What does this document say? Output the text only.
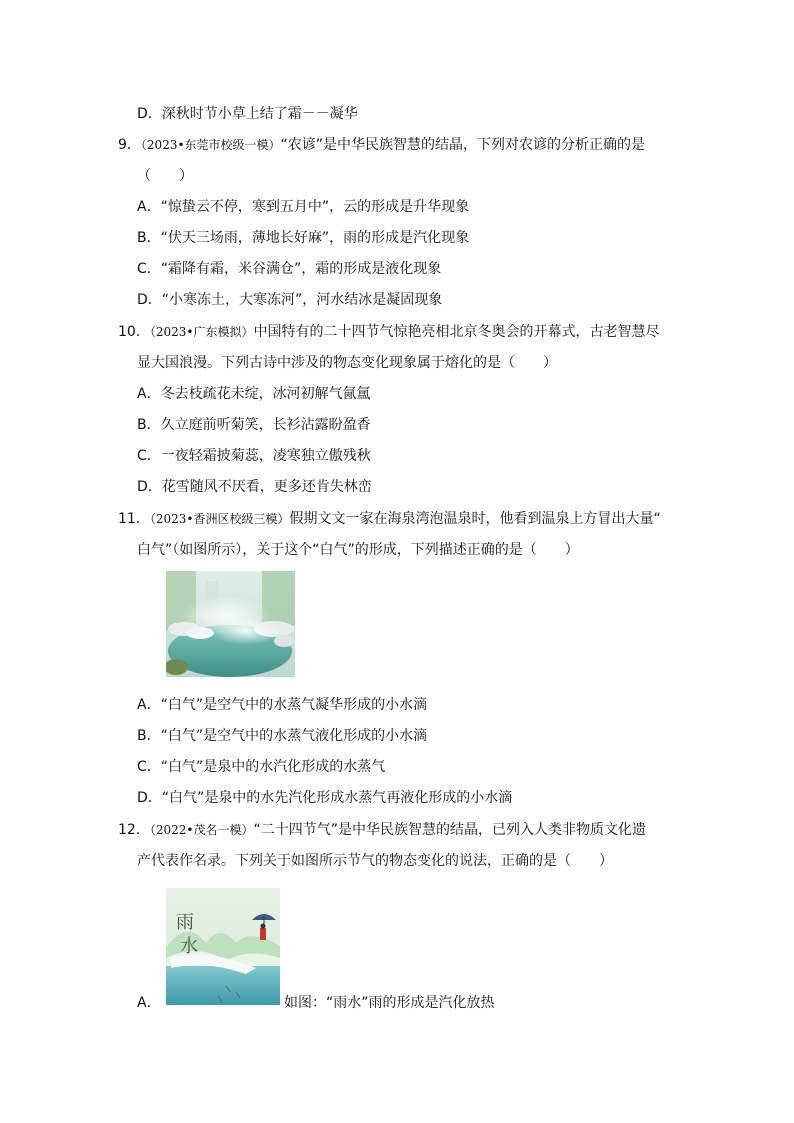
D．深秋时节小草上结了霜－－凝华
9．（2023•东莞市校级一模）“农谚”是中华民族智慧的结晶，下列对农谚的分析正确的是
（　　）
A．“惊蛰云不停，寒到五月中”，云的形成是升华现象
B．“伏天三场雨，薄地长好麻”，雨的形成是汽化现象
C．“霜降有霜，米谷满仓”，霜的形成是液化现象
D．“小寒冻土，大寒冻河”，河水结冰是凝固现象
10．（2023•广东模拟）中国特有的二十四节气惊艳亮相北京冬奥会的开幕式，古老智慧尽
显大国浪漫。下列古诗中涉及的物态变化现象属于熔化的是（　　）
A．冬去枝疏花未绽，冰河初解气氤氲
B．久立庭前听菊笑，长衫沾露盼盈香
C．一夜轻霜披菊蕊，凌寒独立傲残秋
D．花雪随风不厌看，更多还肯失林峦
11．（2023•香洲区校级三模）假期文文一家在海泉湾泡温泉时，他看到温泉上方冒出大量“
白气”（如图所示），关于这个“白气”的形成，下列描述正确的是（　　）
A．“白气”是空气中的水蒸气凝华形成的小水滴
B．“白气”是空气中的水蒸气液化形成的小水滴
C．“白气”是泉中的水汽化形成的水蒸气
D．“白气”是泉中的水先汽化形成水蒸气再液化形成的小水滴
12．（2022•茂名一模）“二十四节气”是中华民族智慧的结晶，已列入人类非物质文化遗
产代表作名录。下列关于如图所示节气的物态变化的说法，正确的是（　　）
A．
雨
水
如图：“雨水”雨的形成是汽化放热
